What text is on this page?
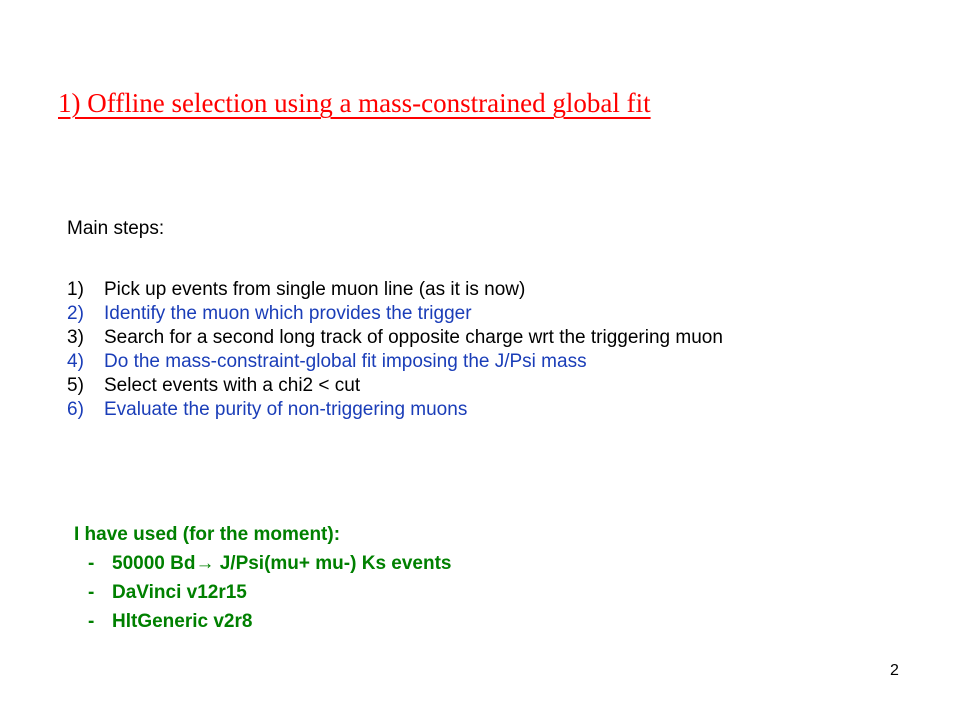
1) Offline selection using a mass-constrained global fit
Main steps:
1) Pick up events from single muon line (as it is now)
2) Identify the muon which provides the trigger
3) Search for a second long track of opposite charge wrt the triggering muon
4) Do the mass-constraint-global fit imposing the J/Psi mass
5) Select events with a chi2 < cut
6) Evaluate the purity of non-triggering muons
I have used (for the moment):
- 50000 Bd→ J/Psi(mu+ mu-) Ks events
- DaVinci v12r15
- HltGeneric v2r8
2
